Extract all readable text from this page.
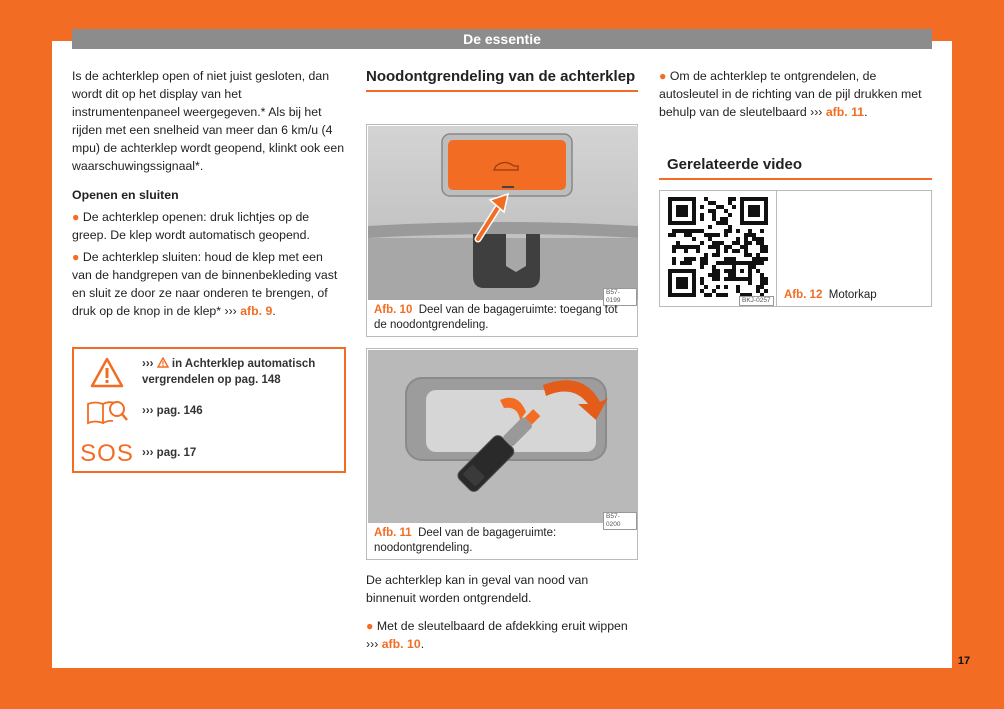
De essentie
17

Is de achterklep open of niet juist gesloten, dan wordt dit op het display van het instrumentenpaneel weergegeven.* Als bij het rijden met een snelheid van meer dan 6 km/u (4 mpu) de achterklep wordt geopend, klinkt ook een waarschuwingssignaal*.

Openen en sluiten

● De achterklep openen: druk lichtjes op de greep. De klep wordt automatisch geopend.

● De achterklep sluiten: houd de klep met een van de handgrepen van de binnenbekleding vast en sluit ze door ze naar onderen te brengen, of druk op de knop in de klep* ››› afb. 9.

››› in Achterklep automatisch vergrendelen op pag. 148
››› pag. 146
SOS ››› pag. 17
Noodontgrendeling van de achterklep
B57-0199
Afb. 10 Deel van de bagageruimte: toegang tot de noodontgrendeling.
B57-0200
Afb. 11 Deel van de bagageruimte: noodontgrendeling.

De achterklep kan in geval van nood van binnenuit worden ontgrendeld.

● Met de sleutelbaard de afdekking eruit wippen ››› afb. 10.

● Om de achterklep te ontgrendelen, de autosleutel in de richting van de pijl drukken met behulp van de sleutelbaard ››› afb. 11.

Gerelateerde video
BKJ-0257 Afb. 12 Motorkap
